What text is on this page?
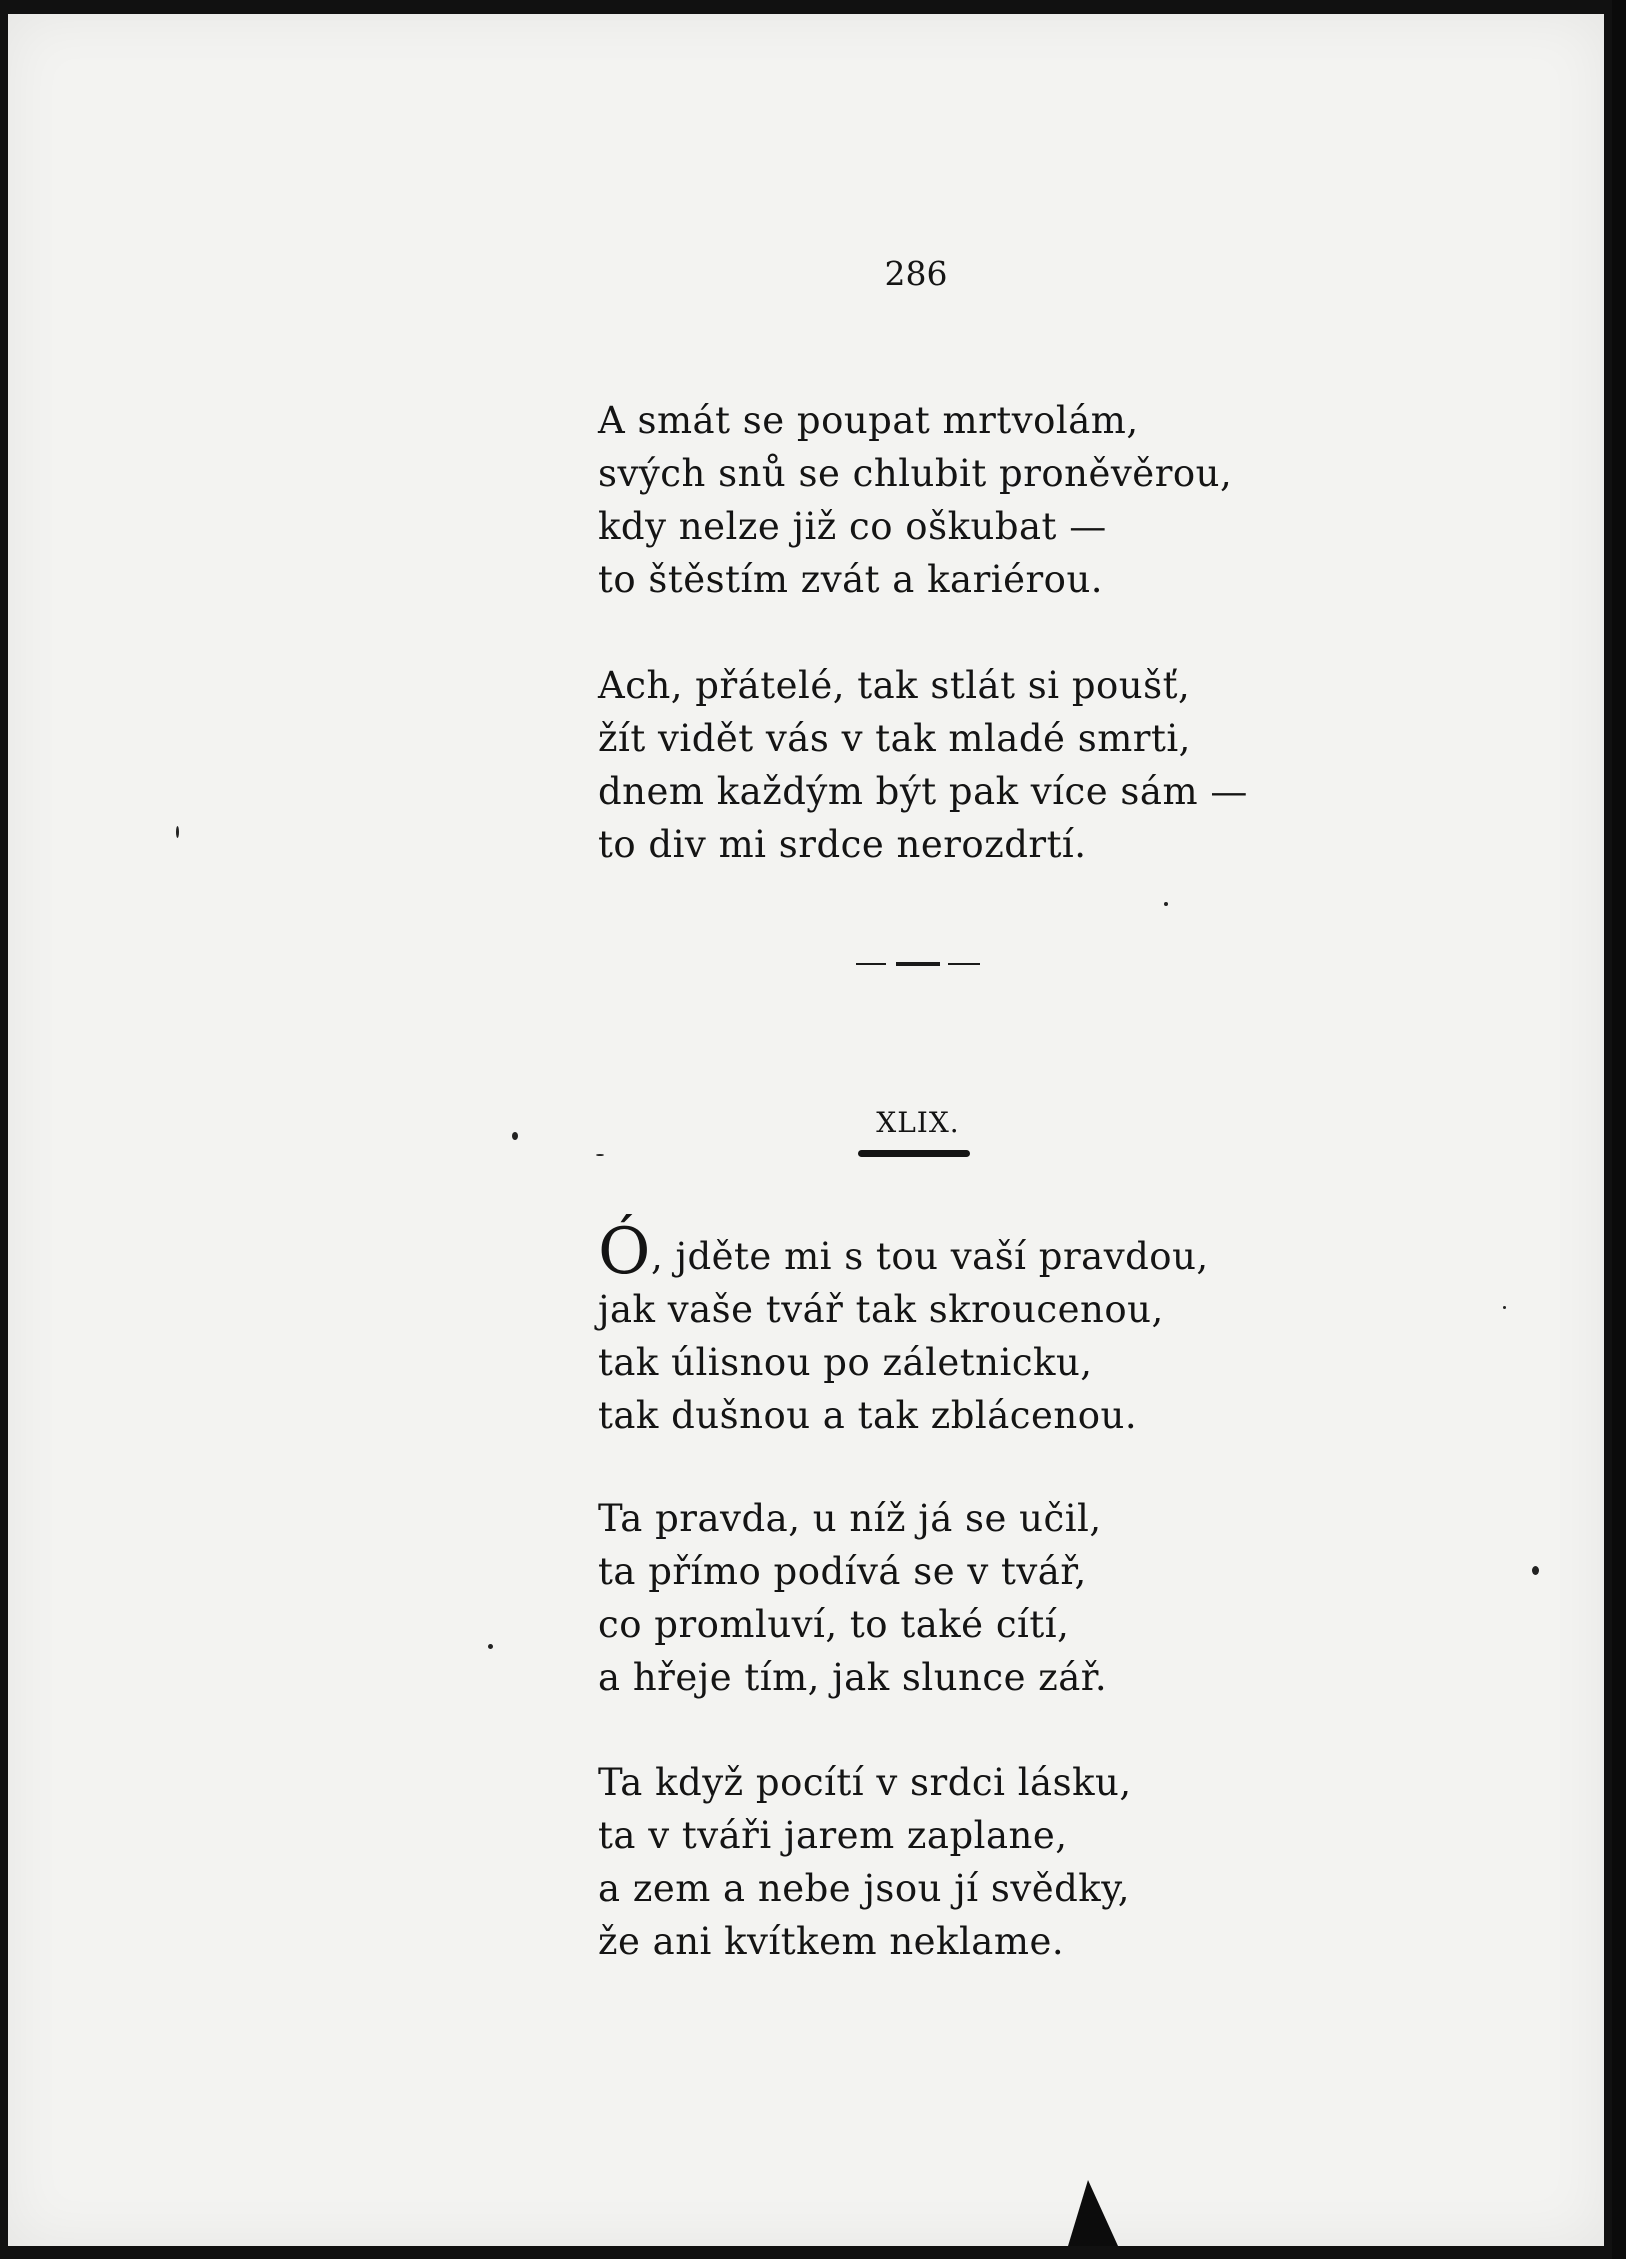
286

A smát se poupat mrtvolám,
svých snů se chlubit proněvěrou,
kdy nelze již co oškubat —
to štěstím zvát a kariérou.

Ach, přátelé, tak stlát si poušť,
žít vidět vás v tak mladé smrti,
dnem každým být pak více sám —
to div mi srdce nerozdrtí.

XLIX.

Ó, jděte mi s tou vaší pravdou,
jak vaše tvář tak skroucenou,
tak úlisnou po záletnicku,
tak dušnou a tak zblácenou.

Ta pravda, u níž já se učil,
ta přímo podívá se v tvář,
co promluví, to také cítí,
a hřeje tím, jak slunce zář.

Ta když pocítí v srdci lásku,
ta v tváři jarem zaplane,
a zem a nebe jsou jí svědky,
že ani kvítkem neklame.
